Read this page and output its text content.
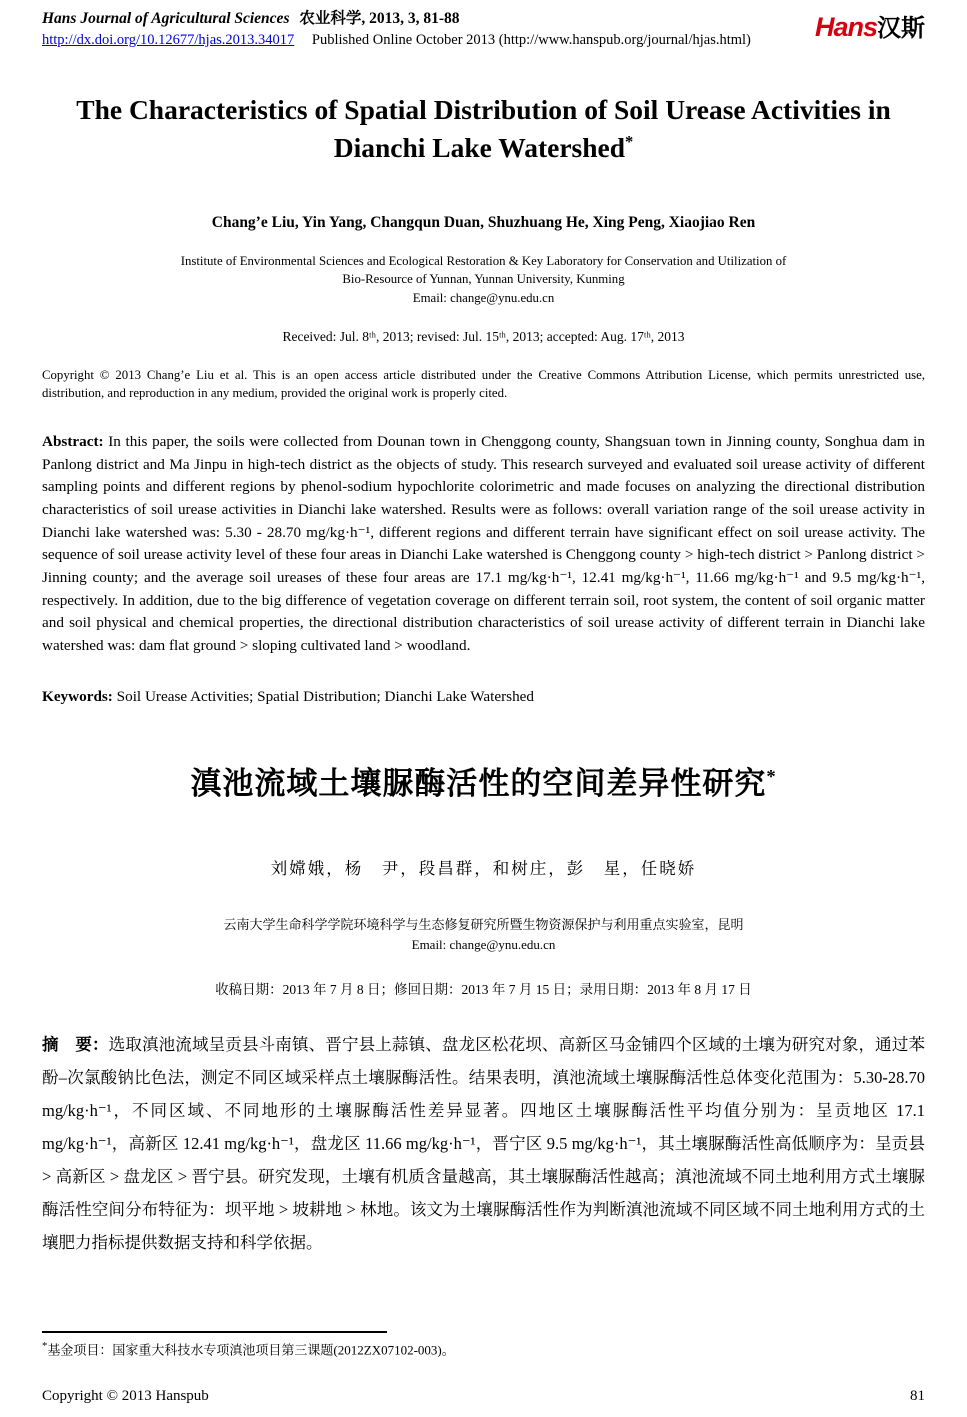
Hans Journal of Agricultural Sciences 农业科学, 2013, 3, 81-88
http://dx.doi.org/10.12677/hjas.2013.34017 Published Online October 2013 (http://www.hanspub.org/journal/hjas.html)	Hans汉斯
The Characteristics of Spatial Distribution of Soil Urease Activities in Dianchi Lake Watershed*
Chang’e Liu, Yin Yang, Changqun Duan, Shuzhuang He, Xing Peng, Xiaojiao Ren
Institute of Environmental Sciences and Ecological Restoration & Key Laboratory for Conservation and Utilization of
Bio-Resource of Yunnan, Yunnan University, Kunming
Email: change@ynu.edu.cn
Received: Jul. 8ᵗʰ, 2013; revised: Jul. 15ᵗʰ, 2013; accepted: Aug. 17ᵗʰ, 2013

Copyright © 2013 Chang’e Liu et al. This is an open access article distributed under the Creative Commons Attribution License, which permits unrestricted use, distribution, and reproduction in any medium, provided the original work is properly cited.

Abstract: In this paper, the soils were collected from Dounan town in Chenggong county, Shangsuan town in Jinning county, Songhua dam in Panlong district and Ma Jinpu in high-tech district as the objects of study. This research surveyed and evaluated soil urease activity of different sampling points and different regions by phenol-sodium hypochlorite colorimetric and made focuses on analyzing the directional distribution characteristics of soil urease activities in Dianchi lake watershed. Results were as follows: overall variation range of the soil urease activity in Dianchi lake watershed was: 5.30 - 28.70 mg/kg·h⁻¹, different regions and different terrain have significant effect on soil urease activity. The sequence of soil urease activity level of these four areas in Dianchi Lake watershed is Chenggong county > high-tech district > Panlong district > Jinning county; and the average soil ureases of these four areas are 17.1 mg/kg·h⁻¹, 12.41 mg/kg·h⁻¹, 11.66 mg/kg·h⁻¹ and 9.5 mg/kg·h⁻¹, respectively. In addition, due to the big difference of vegetation coverage on different terrain soil, root system, the content of soil organic matter and soil physical and chemical properties, the directional distribution characteristics of soil urease activity of different terrain in Dianchi lake watershed was: dam flat ground > sloping cultivated land > woodland.

Keywords: Soil Urease Activities; Spatial Distribution; Dianchi Lake Watershed

滇池流域土壤脲酶活性的空间差异性研究*
刘嫦娥，杨　尹，段昌群，和树庄，彭　星，任晓娇
云南大学生命科学学院环境科学与生态修复研究所暨生物资源保护与利用重点实验室，昆明
Email: change@ynu.edu.cn
收稿日期：2013 年 7 月 8 日；修回日期：2013 年 7 月 15 日；录用日期：2013 年 8 月 17 日

摘　要：选取滇池流域呈贡县斗南镇、晋宁县上蒜镇、盘龙区松花坝、高新区马金铺四个区域的土壤为研究对象，通过苯酚–次氯酸钠比色法，测定不同区域采样点土壤脲酶活性。结果表明，滇池流域土壤脲酶活性总体变化范围为：5.30-28.70 mg/kg·h⁻¹，不同区域、不同地形的土壤脲酶活性差异显著。四地区土壤脲酶活性平均值分别为：呈贡地区 17.1 mg/kg·h⁻¹，高新区 12.41 mg/kg·h⁻¹，盘龙区 11.66 mg/kg·h⁻¹，晋宁区 9.5 mg/kg·h⁻¹，其土壤脲酶活性高低顺序为：呈贡县 > 高新区 > 盘龙区 > 晋宁县。研究发现，土壤有机质含量越高，其土壤脲酶活性越高；滇池流域不同土地利用方式土壤脲酶活性空间分布特征为：坝平地 > 坡耕地 > 林地。该文为土壤脲酶活性作为判断滇池流域不同区域不同土地利用方式的土壤肥力指标提供数据支持和科学依据。

*基金项目：国家重大科技水专项滇池项目第三课题(2012ZX07102-003)。
Copyright © 2013 Hanspub	81
